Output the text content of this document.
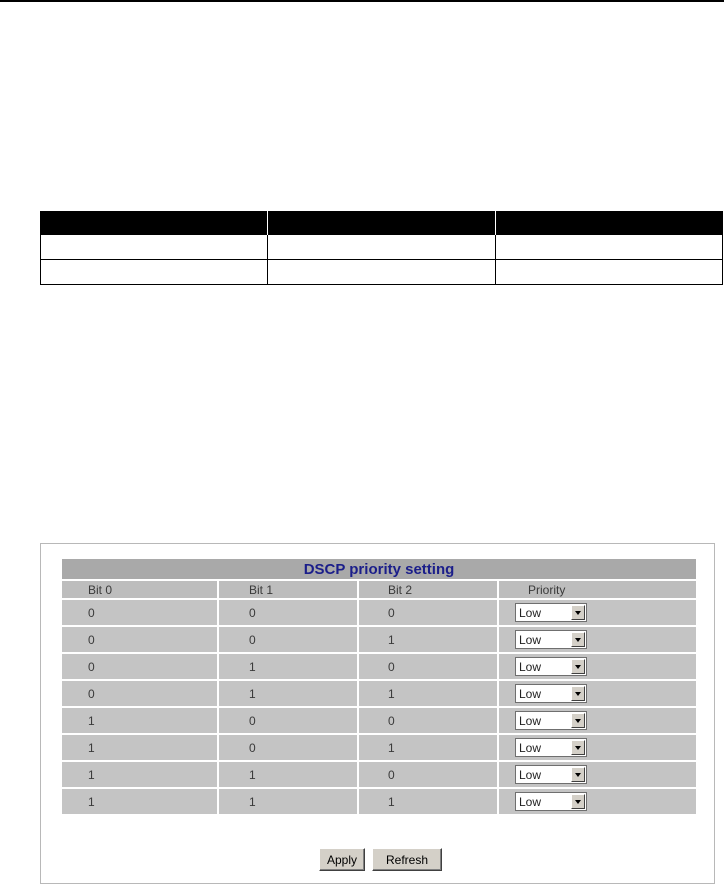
DSCP priority setting			
Bit 0	Bit 1	Bit 2	Priority
0	0	0	Low

0	0	1	Low

0	1	0	Low

0	1	1	Low

1	0	0	Low

1	0	1	Low

1	1	0	Low

1	1	1	Low
Apply	Refresh
